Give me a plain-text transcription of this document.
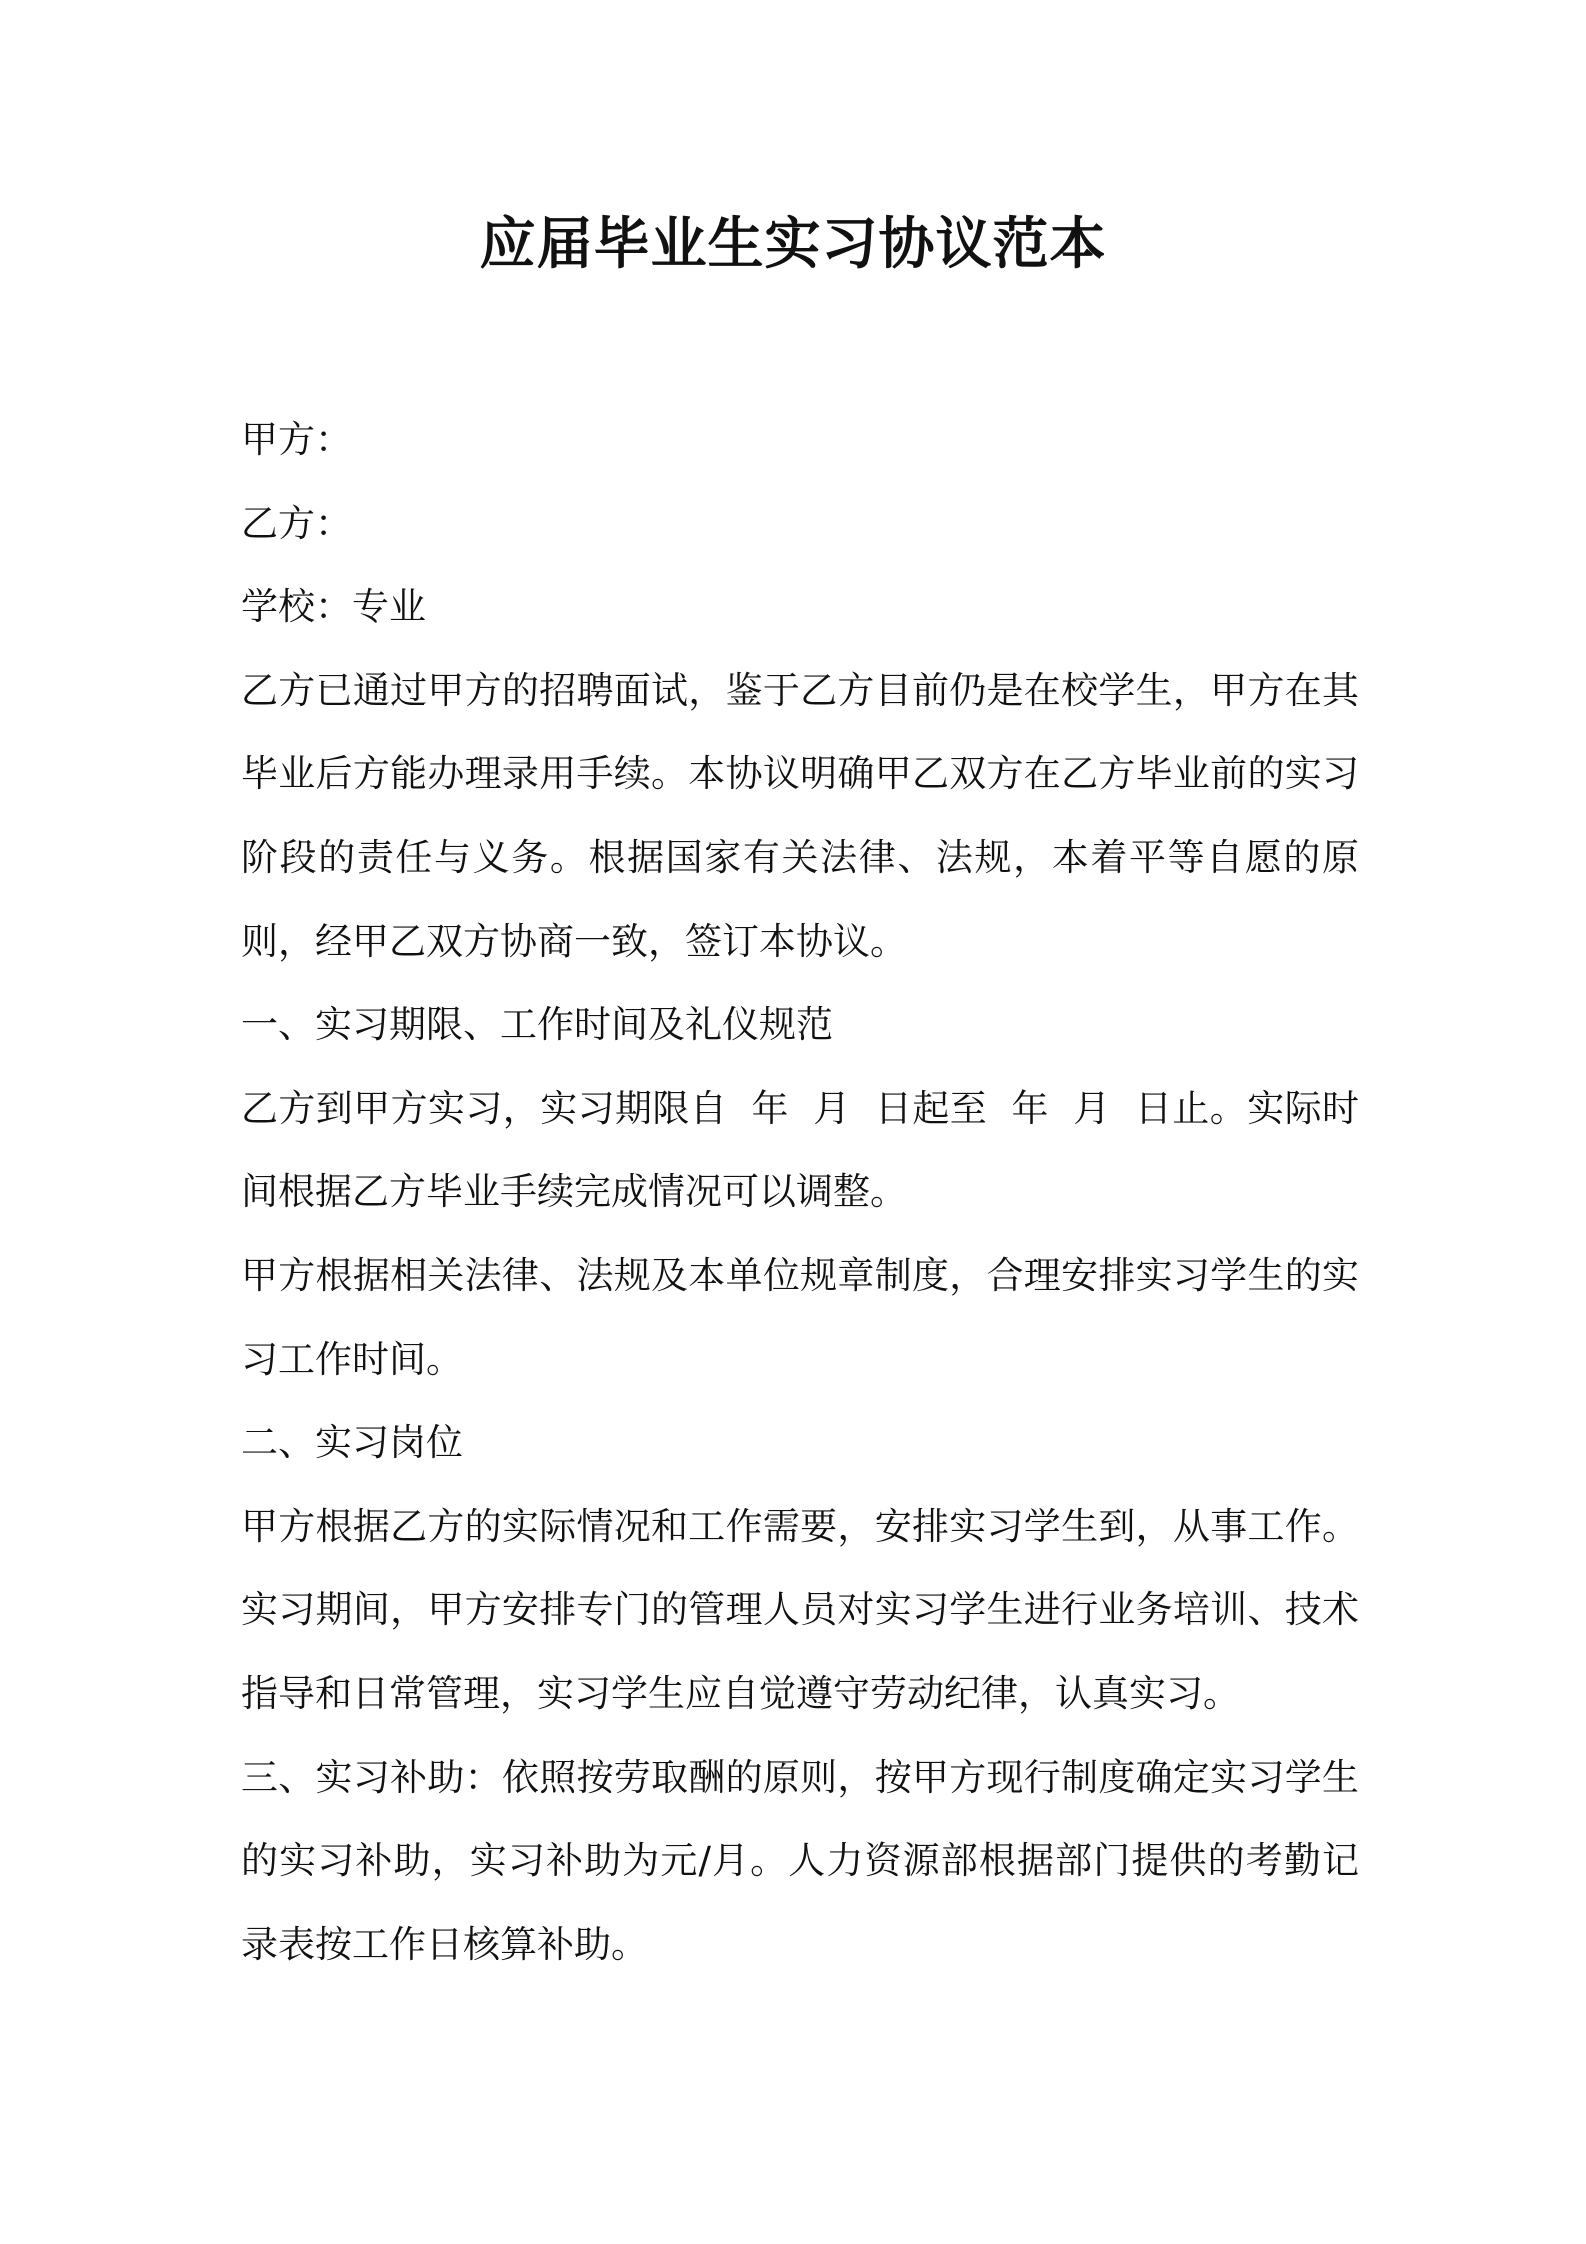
应届毕业生实习协议范本

甲方：

乙方：

学校：专业

乙方已通过甲方的招聘面试，鉴于乙方目前仍是在校学生，甲方在其毕业后方能办理录用手续。本协议明确甲乙双方在乙方毕业前的实习阶段的责任与义务。根据国家有关法律、法规，本着平等自愿的原则，经甲乙双方协商一致，签订本协议。

一、实习期限、工作时间及礼仪规范

乙方到甲方实习，实习期限自  年  月  日起至  年  月  日止。实际时间根据乙方毕业手续完成情况可以调整。

甲方根据相关法律、法规及本单位规章制度，合理安排实习学生的实习工作时间。

二、实习岗位

甲方根据乙方的实际情况和工作需要，安排实习学生到，从事工作。实习期间，甲方安排专门的管理人员对实习学生进行业务培训、技术指导和日常管理，实习学生应自觉遵守劳动纪律，认真实习。

三、实习补助：依照按劳取酬的原则，按甲方现行制度确定实习学生的实习补助，实习补助为元/月。人力资源部根据部门提供的考勤记录表按工作日核算补助。
